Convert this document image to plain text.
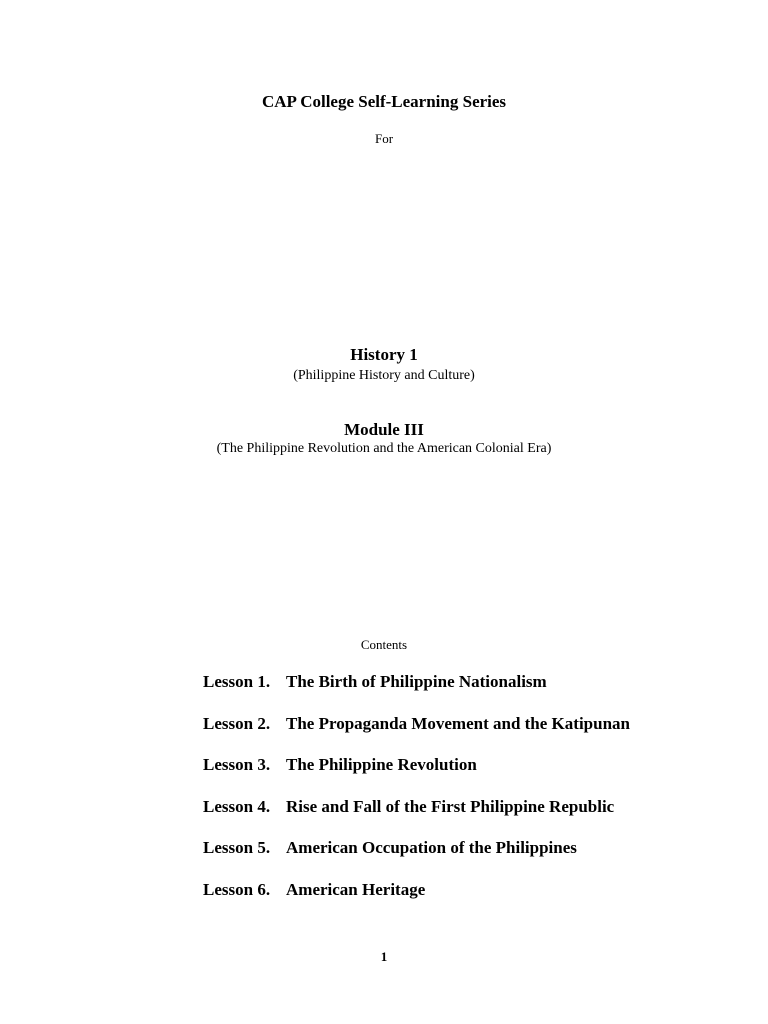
CAP College Self-Learning Series
For
History 1
(Philippine History and Culture)
Module III
(The Philippine Revolution and the American Colonial Era)
Contents
Lesson 1. The Birth of Philippine Nationalism
Lesson 2. The Propaganda Movement and the Katipunan
Lesson 3. The Philippine Revolution
Lesson 4. Rise and Fall of the First Philippine Republic
Lesson 5. American Occupation of the Philippines
Lesson 6. American Heritage
1
